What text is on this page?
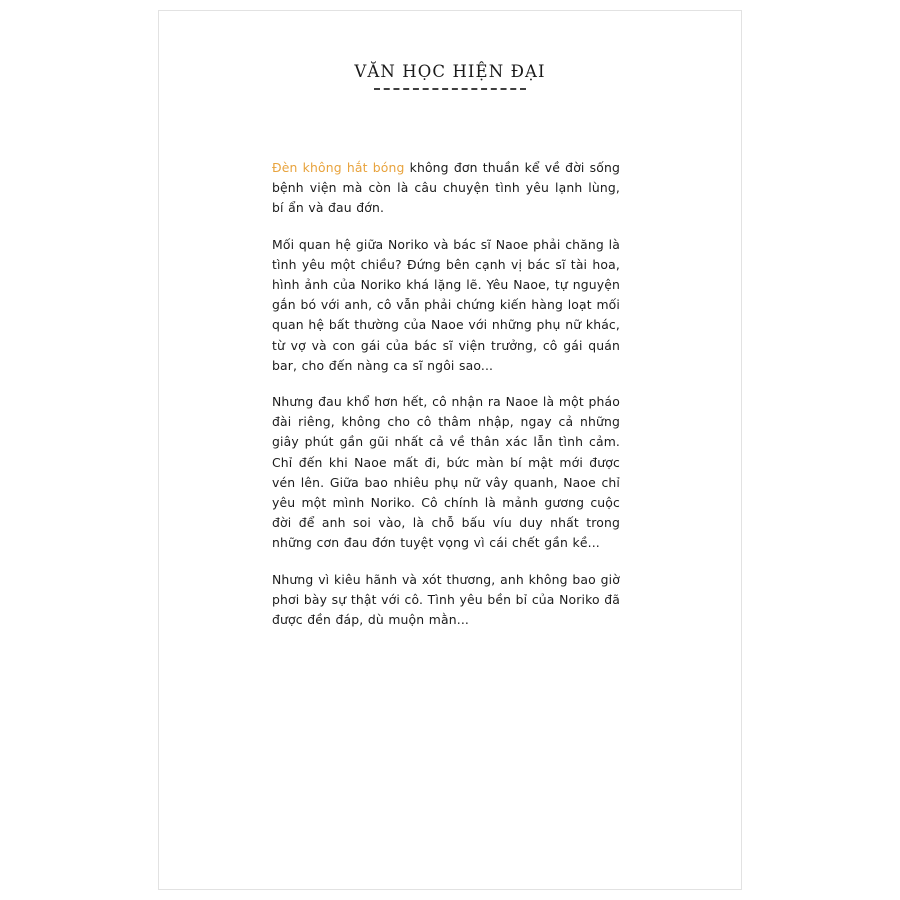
VĂN HỌC HIỆN ĐẠI

Đèn không hắt bóng không đơn thuần kể về đời sống bệnh viện mà còn là câu chuyện tình yêu lạnh lùng, bí ẩn và đau đớn.

Mối quan hệ giữa Noriko và bác sĩ Naoe phải chăng là tình yêu một chiều? Đứng bên cạnh vị bác sĩ tài hoa, hình ảnh của Noriko khá lặng lẽ. Yêu Naoe, tự nguyện gắn bó với anh, cô vẫn phải chứng kiến hàng loạt mối quan hệ bất thường của Naoe với những phụ nữ khác, từ vợ và con gái của bác sĩ viện trưởng, cô gái quán bar, cho đến nàng ca sĩ ngôi sao...

Nhưng đau khổ hơn hết, cô nhận ra Naoe là một pháo đài riêng, không cho cô thâm nhập, ngay cả những giây phút gần gũi nhất cả về thân xác lẫn tình cảm. Chỉ đến khi Naoe mất đi, bức màn bí mật mới được vén lên. Giữa bao nhiêu phụ nữ vây quanh, Naoe chỉ yêu một mình Noriko. Cô chính là mảnh gương cuộc đời để anh soi vào, là chỗ bấu víu duy nhất trong những cơn đau đớn tuyệt vọng vì cái chết gần kề...

Nhưng vì kiêu hãnh và xót thương, anh không bao giờ phơi bày sự thật với cô. Tình yêu bền bỉ của Noriko đã được đền đáp, dù muộn mằn...
